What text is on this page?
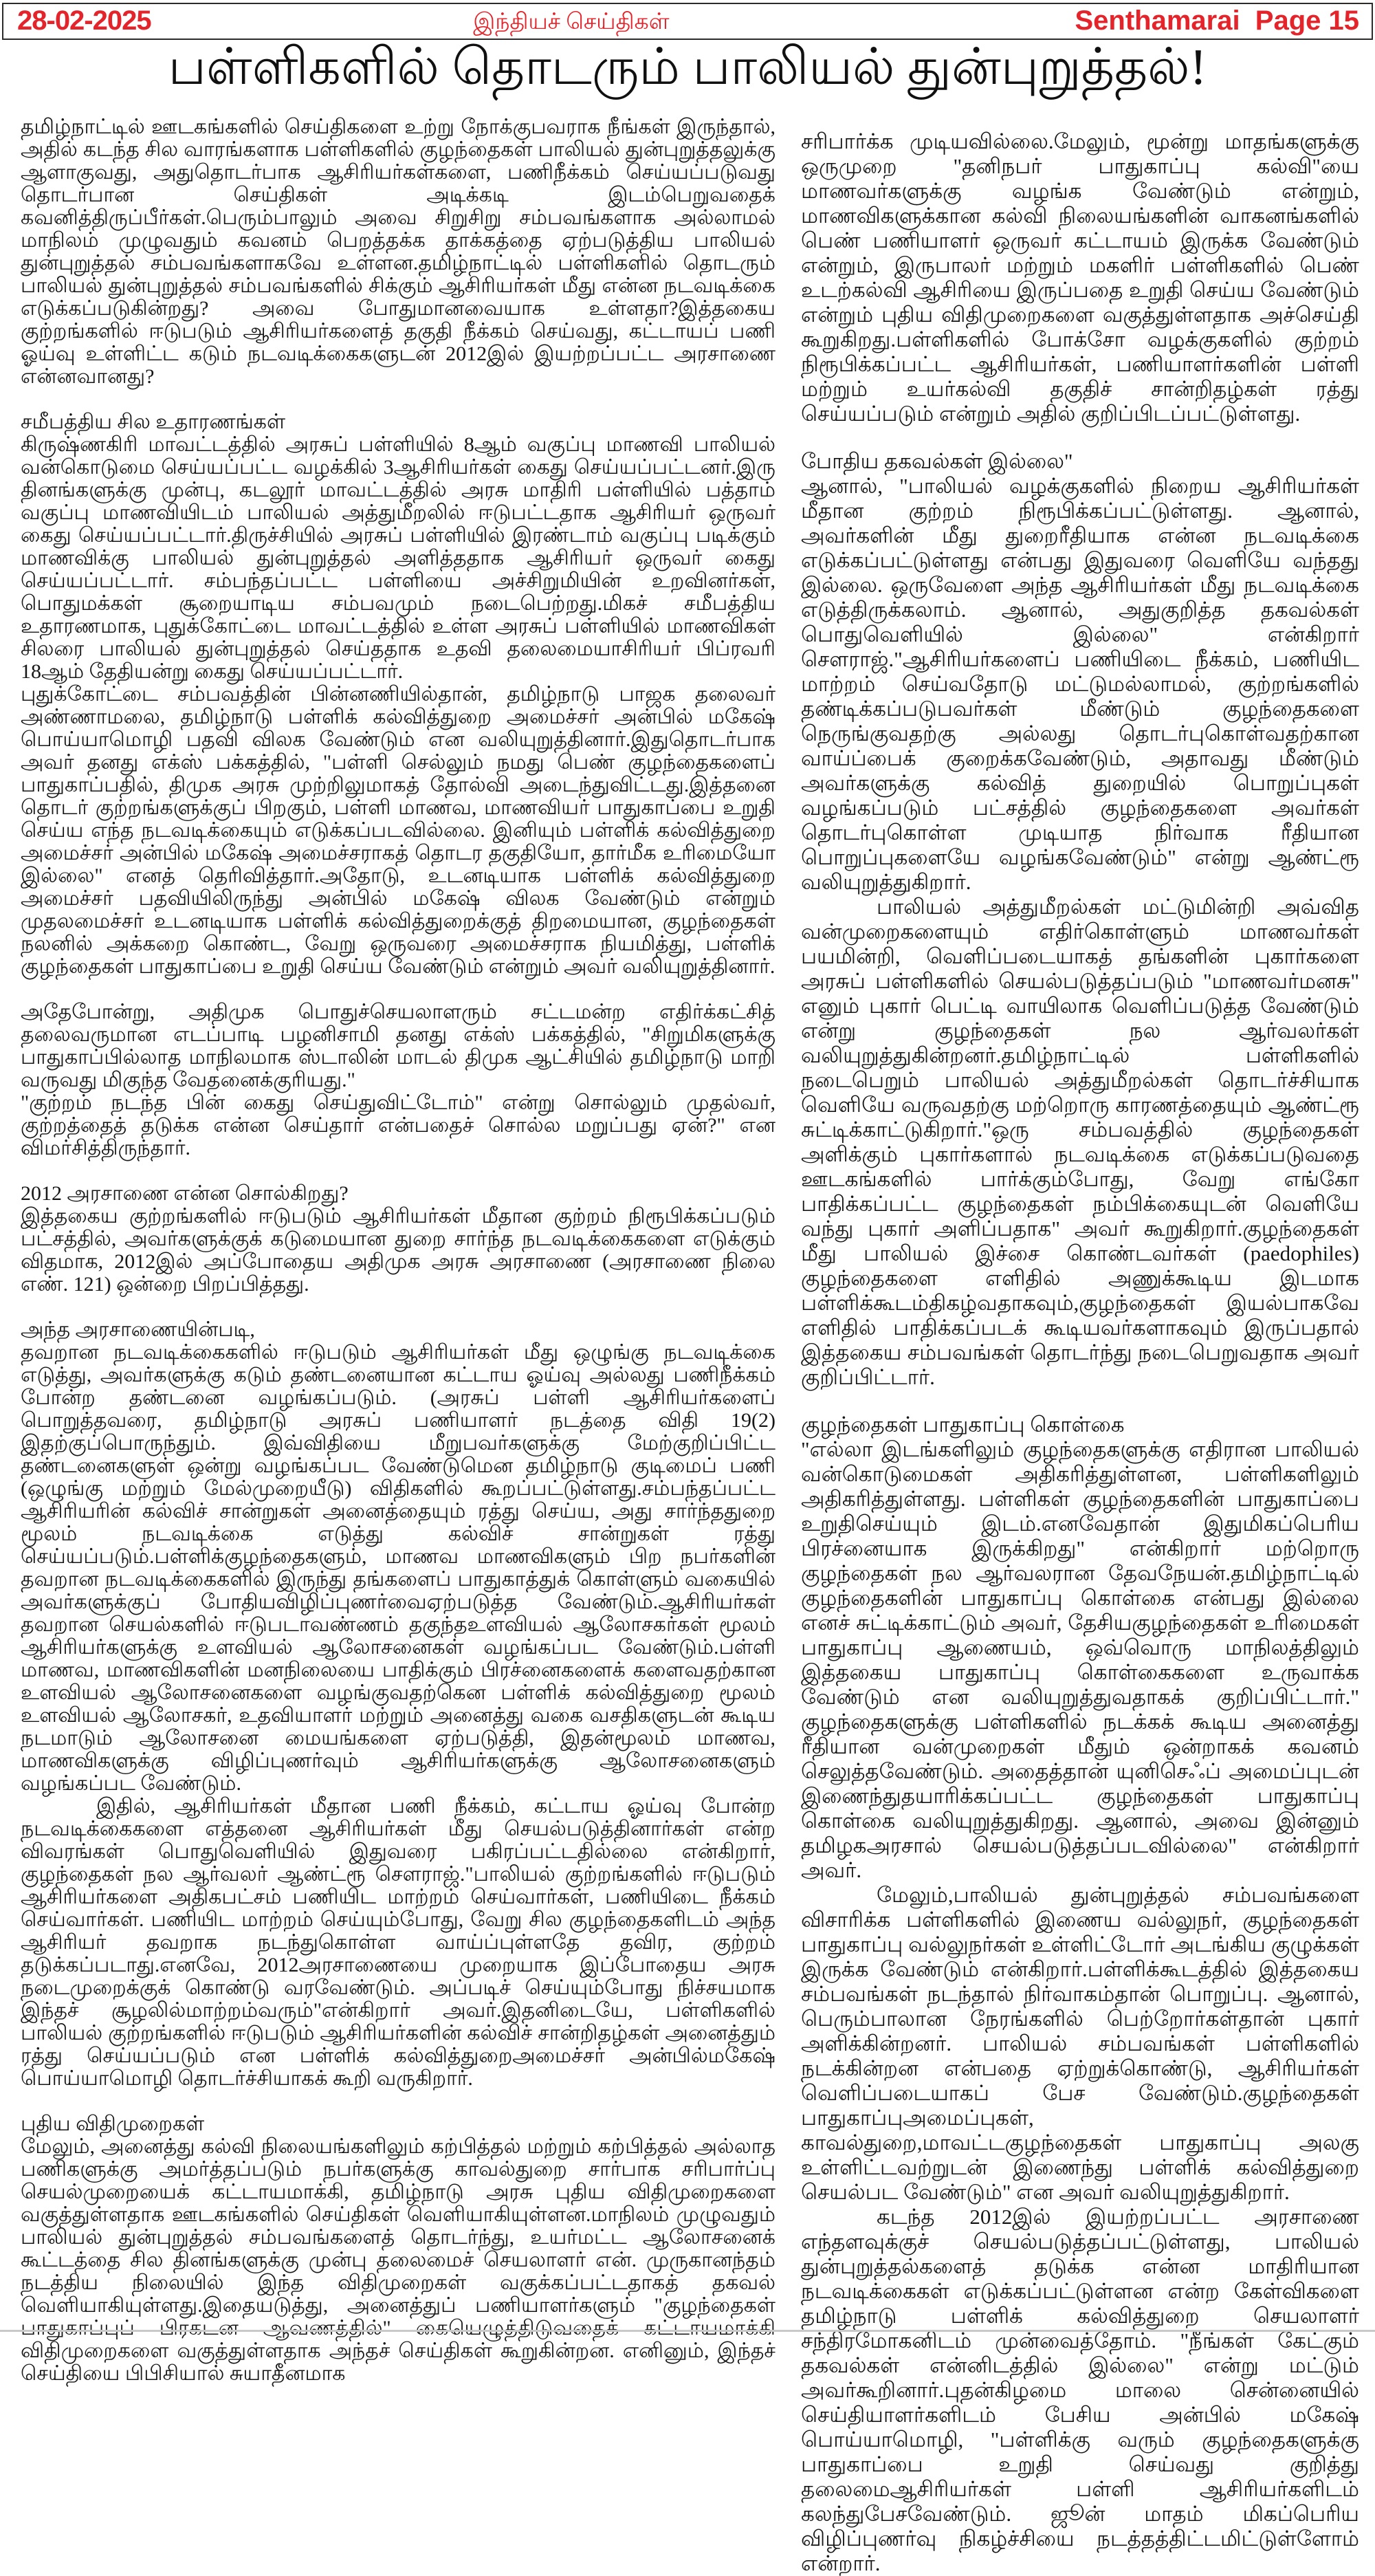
28-02-2025	இந்தியச் செய்திகள்	Senthamarai  Page 15
பள்ளிகளில் தொடரும் பாலியல் துன்புறுத்தல்!

தமிழ்நாட்டில் ஊடகங்களில் செய்திகளை உற்று நோக்குபவராக நீங்கள் இருந்தால், அதில் கடந்த சில வாரங்களாக பள்ளிகளில் குழந்தைகள் பாலியல் துன்புறுத்தலுக்கு ஆளாகுவது, அதுதொடர்பாக ஆசிரியர்கள்களை, பணிநீக்கம் செய்யப்படுவது தொடர்பான செய்திகள் அடிக்கடி இடம்பெறுவதைக் கவனித்திருப்பீர்கள்.பெரும்பாலும் அவை சிறுசிறு சம்பவங்களாக அல்லாமல் மாநிலம் முழுவதும் கவனம் பெறத்தக்க தாக்கத்தை ஏற்படுத்திய பாலியல் துன்புறுத்தல் சம்பவங்களாகவே உள்ளன.தமிழ்நாட்டில் பள்ளிகளில் தொடரும் பாலியல் துன்புறுத்தல் சம்பவங்களில் சிக்கும் ஆசிரியர்கள் மீது என்ன நடவடிக்கை எடுக்கப்படுகின்றது? அவை போதுமானவையாக உள்ளதா?இத்தகைய குற்றங்களில் ஈடுபடும் ஆசிரியர்களைத் தகுதி நீக்கம் செய்வது, கட்டாயப் பணி ஓய்வு உள்ளிட்ட கடும் நடவடிக்கைகளுடன் 2012இல் இயற்றப்பட்ட அரசாணை என்னவானது?

சமீபத்திய சில உதாரணங்கள்

கிருஷ்ணகிரி மாவட்டத்தில் அரசுப் பள்ளியில் 8ஆம் வகுப்பு மாணவி பாலியல் வன்கொடுமை செய்யப்பட்ட வழக்கில் 3ஆசிரியர்கள் கைது செய்யப்பட்டனர்.இரு தினங்களுக்கு முன்பு, கடலூர் மாவட்டத்தில் அரசு மாதிரி பள்ளியில் பத்தாம் வகுப்பு மாணவியிடம் பாலியல் அத்துமீறலில் ஈடுபட்டதாக ஆசிரியர் ஒருவர் கைது செய்யப்பட்டார்.திருச்சியில் அரசுப் பள்ளியில் இரண்டாம் வகுப்பு படிக்கும் மாணவிக்கு பாலியல் துன்புறுத்தல் அளித்ததாக ஆசிரியர் ஒருவர் கைது செய்யப்பட்டார். சம்பந்தப்பட்ட பள்ளியை அச்சிறுமியின் உறவினர்கள், பொதுமக்கள் சூறையாடிய சம்பவமும் நடைபெற்றது.மிகச் சமீபத்திய உதாரணமாக, புதுக்கோட்டை மாவட்டத்தில் உள்ள அரசுப் பள்ளியில் மாணவிகள் சிலரை பாலியல் துன்புறுத்தல் செய்ததாக உதவி தலைமையாசிரியர் பிப்ரவரி 18ஆம் தேதியன்று கைது செய்யப்பட்டார்.

புதுக்கோட்டை சம்பவத்தின் பின்னணியில்தான், தமிழ்நாடு பாஜக தலைவர் அண்ணாமலை, தமிழ்நாடு பள்ளிக் கல்வித்துறை அமைச்சர் அன்பில் மகேஷ் பொய்யாமொழி பதவி விலக வேண்டும் என வலியுறுத்தினார்.இதுதொடர்பாக அவர் தனது எக்ஸ் பக்கத்தில், "பள்ளி செல்லும் நமது பெண் குழந்தைகளைப் பாதுகாப்பதில், திமுக அரசு முற்றிலுமாகத் தோல்வி அடைந்துவிட்டது.இத்தனை தொடர் குற்றங்களுக்குப் பிறகும், பள்ளி மாணவ, மாணவியர் பாதுகாப்பை உறுதி செய்ய எந்த நடவடிக்கையும் எடுக்கப்படவில்லை. இனியும் பள்ளிக் கல்வித்துறை அமைச்சர் அன்பில் மகேஷ் அமைச்சராகத் தொடர தகுதியோ, தார்மீக உரிமையோ இல்லை" எனத் தெரிவித்தார்.அதோடு, உடனடியாக பள்ளிக் கல்வித்துறை அமைச்சர் பதவியிலிருந்து அன்பில் மகேஷ் விலக வேண்டும் என்றும் முதலமைச்சர் உடனடியாக பள்ளிக் கல்வித்துறைக்குத் திறமையான, குழந்தைகள் நலனில் அக்கறை கொண்ட, வேறு ஒருவரை அமைச்சராக நியமித்து, பள்ளிக் குழந்தைகள் பாதுகாப்பை உறுதி செய்ய வேண்டும் என்றும் அவர் வலியுறுத்தினார்.

அதேபோன்று, அதிமுக பொதுச்செயலாளரும் சட்டமன்ற எதிர்க்கட்சித் தலைவருமான எடப்பாடி பழனிசாமி தனது எக்ஸ் பக்கத்தில், "சிறுமிகளுக்கு பாதுகாப்பில்லாத மாநிலமாக ஸ்டாலின் மாடல் திமுக ஆட்சியில் தமிழ்நாடு மாறி வருவது மிகுந்த வேதனைக்குரியது."

"குற்றம் நடந்த பின் கைது செய்துவிட்டோம்" என்று சொல்லும் முதல்வர், குற்றத்தைத் தடுக்க என்ன செய்தார் என்பதைச் சொல்ல மறுப்பது ஏன்?" என விமர்சித்திருந்தார்.

2012 அரசாணை என்ன சொல்கிறது?

இத்தகைய குற்றங்களில் ஈடுபடும் ஆசிரியர்கள் மீதான குற்றம் நிரூபிக்கப்படும் பட்சத்தில், அவர்களுக்குக் கடுமையான துறை சார்ந்த நடவடிக்கைகளை எடுக்கும் விதமாக, 2012இல் அப்போதைய அதிமுக அரசு அரசாணை (அரசாணை நிலை எண். 121) ஒன்றை பிறப்பித்தது.

அந்த அரசாணையின்படி,

தவறான நடவடிக்கைகளில் ஈடுபடும் ஆசிரியர்கள் மீது ஒழுங்கு நடவடிக்கை எடுத்து, அவர்களுக்கு கடும் தண்டனையான கட்டாய ஓய்வு அல்லது பணிநீக்கம் போன்ற தண்டனை வழங்கப்படும். (அரசுப் பள்ளி ஆசிரியர்களைப் பொறுத்தவரை, தமிழ்நாடு அரசுப் பணியாளர் நடத்தை விதி 19(2) இதற்குப்பொருந்தும். இவ்விதியை மீறுபவர்களுக்கு மேற்குறிப்பிட்ட தண்டனைகளுள் ஒன்று வழங்கப்பட வேண்டுமென தமிழ்நாடு குடிமைப் பணி (ஒழுங்கு மற்றும் மேல்முறையீடு) விதிகளில் கூறப்பட்டுள்ளது.சம்பந்தப்பட்ட ஆசிரியரின் கல்விச் சான்றுகள் அனைத்தையும் ரத்து செய்ய, அது சார்ந்ததுறை மூலம் நடவடிக்கை எடுத்து கல்விச் சான்றுகள் ரத்து செய்யப்படும்.பள்ளிக்குழந்தைகளும், மாணவ மாணவிகளும் பிற நபர்களின் தவறான நடவடிக்கைகளில் இருந்து தங்களைப் பாதுகாத்துக் கொள்ளும் வகையில் அவர்களுக்குப் போதியவிழிப்புணர்வைஏற்படுத்த வேண்டும்.ஆசிரியர்கள் தவறான செயல்களில் ஈடுபடாவண்ணம் தகுந்தஉளவியல் ஆலோசகர்கள் மூலம் ஆசிரியர்களுக்கு உளவியல் ஆலோசனைகள் வழங்கப்பட வேண்டும்.பள்ளி மாணவ, மாணவிகளின் மனநிலையை பாதிக்கும் பிரச்னைகளைக் களைவதற்கான உளவியல் ஆலோசனைகளை வழங்குவதற்கென பள்ளிக் கல்வித்துறை மூலம் உளவியல் ஆலோசகர், உதவியாளர் மற்றும் அனைத்து வகை வசதிகளுடன் கூடிய நடமாடும் ஆலோசனை மையங்களை ஏற்படுத்தி, இதன்மூலம் மாணவ, மாணவிகளுக்கு விழிப்புணர்வும் ஆசிரியர்களுக்கு ஆலோசனைகளும் வழங்கப்பட வேண்டும்.

இதில், ஆசிரியர்கள் மீதான பணி நீக்கம், கட்டாய ஓய்வு போன்ற நடவடிக்கைகளை எத்தனை ஆசிரியர்கள் மீது செயல்படுத்தினார்கள் என்ற விவரங்கள் பொதுவெளியில் இதுவரை பகிரப்பட்டதில்லை என்கிறார், குழந்தைகள் நல ஆர்வலர் ஆண்ட்ரூ சௌராஜ்."பாலியல் குற்றங்களில் ஈடுபடும் ஆசிரியர்களை அதிகபட்சம் பணியிட மாற்றம் செய்வார்கள், பணியிடை நீக்கம் செய்வார்கள். பணியிட மாற்றம் செய்யும்போது, வேறு சில குழந்தைகளிடம் அந்த ஆசிரியர் தவறாக நடந்துகொள்ள வாய்ப்புள்ளதே தவிர, குற்றம் தடுக்கப்படாது.எனவே, 2012அரசாணையை முறையாக இப்போதைய அரசு நடைமுறைக்குக் கொண்டு வரவேண்டும். அப்படிச் செய்யும்போது நிச்சயமாக இந்தச் சூழலில்மாற்றம்வரும்"என்கிறார் அவர்.இதனிடையே, பள்ளிகளில் பாலியல் குற்றங்களில் ஈடுபடும் ஆசிரியர்களின் கல்விச் சான்றிதழ்கள் அனைத்தும் ரத்து செய்யப்படும் என பள்ளிக் கல்வித்துறைஅமைச்சர் அன்பில்மகேஷ் பொய்யாமொழி தொடர்ச்சியாகக் கூறி வருகிறார்.

புதிய விதிமுறைகள்

மேலும், அனைத்து கல்வி நிலையங்களிலும் கற்பித்தல் மற்றும் கற்பித்தல் அல்லாத பணிகளுக்கு அமர்த்தப்படும் நபர்களுக்கு காவல்துறை சார்பாக சரிபார்ப்பு செயல்முறையைக் கட்டாயமாக்கி, தமிழ்நாடு அரசு புதிய விதிமுறைகளை வகுத்துள்ளதாக ஊடகங்களில் செய்திகள் வெளியாகியுள்ளன.மாநிலம் முழுவதும் பாலியல் துன்புறுத்தல் சம்பவங்களைத் தொடர்ந்து, உயர்மட்ட ஆலோசனைக் கூட்டத்தை சில தினங்களுக்கு முன்பு தலைமைச் செயலாளர் என். முருகானந்தம் நடத்திய நிலையில் இந்த விதிமுறைகள் வகுக்கப்பட்டதாகத் தகவல் வெளியாகியுள்ளது.இதையடுத்து, அனைத்துப் பணியாளர்களும் "குழந்தைகள் பாதுகாப்புப் பிரகடன ஆவணத்தில்" கையெழுத்திடுவதைக் கட்டாயமாக்கி விதிமுறைகளை வகுத்துள்ளதாக அந்தச் செய்திகள் கூறுகின்றன. எனினும், இந்தச் செய்தியை பிபிசியால் சுயாதீனமாக

சரிபார்க்க முடியவில்லை.மேலும், மூன்று மாதங்களுக்கு ஒருமுறை "தனிநபர் பாதுகாப்பு கல்வி"யை மாணவர்களுக்கு வழங்க வேண்டும் என்றும், மாணவிகளுக்கான கல்வி நிலையங்களின் வாகனங்களில் பெண் பணியாளர் ஒருவர் கட்டாயம் இருக்க வேண்டும் என்றும், இருபாலர் மற்றும் மகளிர் பள்ளிகளில் பெண் உடற்கல்வி ஆசிரியை இருப்பதை உறுதி செய்ய வேண்டும் என்றும் புதிய விதிமுறைகளை வகுத்துள்ளதாக அச்செய்தி கூறுகிறது.பள்ளிகளில் போக்சோ வழக்குகளில் குற்றம் நிரூபிக்கப்பட்ட ஆசிரியர்கள், பணியாளர்களின் பள்ளி மற்றும் உயர்கல்வி தகுதிச் சான்றிதழ்கள் ரத்து செய்யப்படும் என்றும் அதில் குறிப்பிடப்பட்டுள்ளது.

போதிய தகவல்கள் இல்லை"

ஆனால், "பாலியல் வழக்குகளில் நிறைய ஆசிரியர்கள் மீதான குற்றம் நிரூபிக்கப்பட்டுள்ளது. ஆனால், அவர்களின் மீது துறைரீதியாக என்ன நடவடிக்கை எடுக்கப்பட்டுள்ளது என்பது இதுவரை வெளியே வந்தது இல்லை. ஒருவேளை அந்த ஆசிரியர்கள் மீது நடவடிக்கை எடுத்திருக்கலாம். ஆனால், அதுகுறித்த தகவல்கள் பொதுவெளியில் இல்லை" என்கிறார் சௌராஜ்."ஆசிரியர்களைப் பணியிடை நீக்கம், பணியிட மாற்றம் செய்வதோடு மட்டுமல்லாமல், குற்றங்களில் தண்டிக்கப்படுபவர்கள் மீண்டும் குழந்தைகளை நெருங்குவதற்கு அல்லது தொடர்புகொள்வதற்கான வாய்ப்பைக் குறைக்கவேண்டும், அதாவது மீண்டும் அவர்களுக்கு கல்வித் துறையில் பொறுப்புகள் வழங்கப்படும் பட்சத்தில் குழந்தைகளை அவர்கள் தொடர்புகொள்ள முடியாத நிர்வாக ரீதியான பொறுப்புகளையே வழங்கவேண்டும்" என்று ஆண்ட்ரூ வலியுறுத்துகிறார்.

பாலியல் அத்துமீறல்கள் மட்டுமின்றி அவ்வித வன்முறைகளையும் எதிர்கொள்ளும் மாணவர்கள் பயமின்றி, வெளிப்படையாகத் தங்களின் புகார்களை அரசுப் பள்ளிகளில் செயல்படுத்தப்படும் "மாணவர்மனசு" எனும் புகார் பெட்டி வாயிலாக வெளிப்படுத்த வேண்டும் என்று குழந்தைகள் நல ஆர்வலர்கள் வலியுறுத்துகின்றனர்.தமிழ்நாட்டில் பள்ளிகளில் நடைபெறும் பாலியல் அத்துமீறல்கள் தொடர்ச்சியாக வெளியே வருவதற்கு மற்றொரு காரணத்தையும் ஆண்ட்ரூ சுட்டிக்காட்டுகிறார்."ஒரு சம்பவத்தில் குழந்தைகள் அளிக்கும் புகார்களால் நடவடிக்கை எடுக்கப்படுவதை ஊடகங்களில் பார்க்கும்போது, வேறு எங்கோ பாதிக்கப்பட்ட குழந்தைகள் நம்பிக்கையுடன் வெளியே வந்து புகார் அளிப்பதாக" அவர் கூறுகிறார்.குழந்தைகள் மீது பாலியல் இச்சை கொண்டவர்கள் (paedophiles) குழந்தைகளை எளிதில் அணுக்கூடிய இடமாக பள்ளிக்கூடம்திகழ்வதாகவும்,குழந்தைகள் இயல்பாகவே எளிதில் பாதிக்கப்படக் கூடியவர்களாகவும் இருப்பதால் இத்தகைய சம்பவங்கள் தொடர்ந்து நடைபெறுவதாக அவர் குறிப்பிட்டார்.

குழந்தைகள் பாதுகாப்பு கொள்கை

"எல்லா இடங்களிலும் குழந்தைகளுக்கு எதிரான பாலியல் வன்கொடுமைகள் அதிகரித்துள்ளன, பள்ளிகளிலும் அதிகரித்துள்ளது. பள்ளிகள் குழந்தைகளின் பாதுகாப்பை உறுதிசெய்யும் இடம்.எனவேதான் இதுமிகப்பெரிய பிரச்னையாக இருக்கிறது" என்கிறார் மற்றொரு குழந்தைகள் நல ஆர்வலரான தேவநேயன்.தமிழ்நாட்டில் குழந்தைகளின் பாதுகாப்பு கொள்கை என்பது இல்லை எனச் சுட்டிக்காட்டும் அவர், தேசியகுழந்தைகள் உரிமைகள் பாதுகாப்பு ஆணையம், ஒவ்வொரு மாநிலத்திலும் இத்தகைய பாதுகாப்பு கொள்கைகளை உருவாக்க வேண்டும் என வலியுறுத்துவதாகக் குறிப்பிட்டார்." குழந்தைகளுக்கு பள்ளிகளில் நடக்கக் கூடிய அனைத்து ரீதியான வன்முறைகள் மீதும் ஒன்றாகக் கவனம் செலுத்தவேண்டும். அதைத்தான் யுனிசெஃப் அமைப்புடன் இணைந்துதயாரிக்கப்பட்ட குழந்தைகள் பாதுகாப்பு கொள்கை வலியுறுத்துகிறது. ஆனால், அவை இன்னும் தமிழகஅரசால் செயல்படுத்தப்படவில்லை" என்கிறார் அவர்.

மேலும்,பாலியல் துன்புறுத்தல் சம்பவங்களை விசாரிக்க பள்ளிகளில் இணைய வல்லுநர், குழந்தைகள் பாதுகாப்பு வல்லுநர்கள் உள்ளிட்டோர் அடங்கிய குழுக்கள் இருக்க வேண்டும் என்கிறார்.பள்ளிக்கூடத்தில் இத்தகைய சம்பவங்கள் நடந்தால் நிர்வாகம்தான் பொறுப்பு. ஆனால், பெரும்பாலான நேரங்களில் பெற்றோர்கள்தான் புகார் அளிக்கின்றனர். பாலியல் சம்பவங்கள் பள்ளிகளில் நடக்கின்றன என்பதை ஏற்றுக்கொண்டு, ஆசிரியர்கள் வெளிப்படையாகப் பேச வேண்டும்.குழந்தைகள் பாதுகாப்புஅமைப்புகள், காவல்துறை,மாவட்டகுழந்தைகள் பாதுகாப்பு அலகு உள்ளிட்டவற்றுடன் இணைந்து பள்ளிக் கல்வித்துறை செயல்பட வேண்டும்" என அவர் வலியுறுத்துகிறார்.

கடந்த 2012இல் இயற்றப்பட்ட அரசாணை எந்தளவுக்குச் செயல்படுத்தப்பட்டுள்ளது, பாலியல் துன்புறுத்தல்களைத் தடுக்க என்ன மாதிரியான நடவடிக்கைகள் எடுக்கப்பட்டுள்ளன என்ற கேள்விகளை தமிழ்நாடு பள்ளிக் கல்வித்துறை செயலாளர் சந்திரமோகனிடம் முன்வைத்தோம். "நீங்கள் கேட்கும் தகவல்கள் என்னிடத்தில் இல்லை" என்று மட்டும் அவர்கூறினார்.புதன்கிழமை மாலை சென்னையில் செய்தியாளர்களிடம் பேசிய அன்பில் மகேஷ் பொய்யாமொழி, "பள்ளிக்கு வரும் குழந்தைகளுக்கு பாதுகாப்பை உறுதி செய்வது குறித்து தலைமைஆசிரியர்கள் பள்ளி ஆசிரியர்களிடம் கலந்துபேசவேண்டும். ஜூன் மாதம் மிகப்பெரிய விழிப்புணர்வு நிகழ்ச்சியை நடத்தத்திட்டமிட்டுள்ளோம் என்றார்.
